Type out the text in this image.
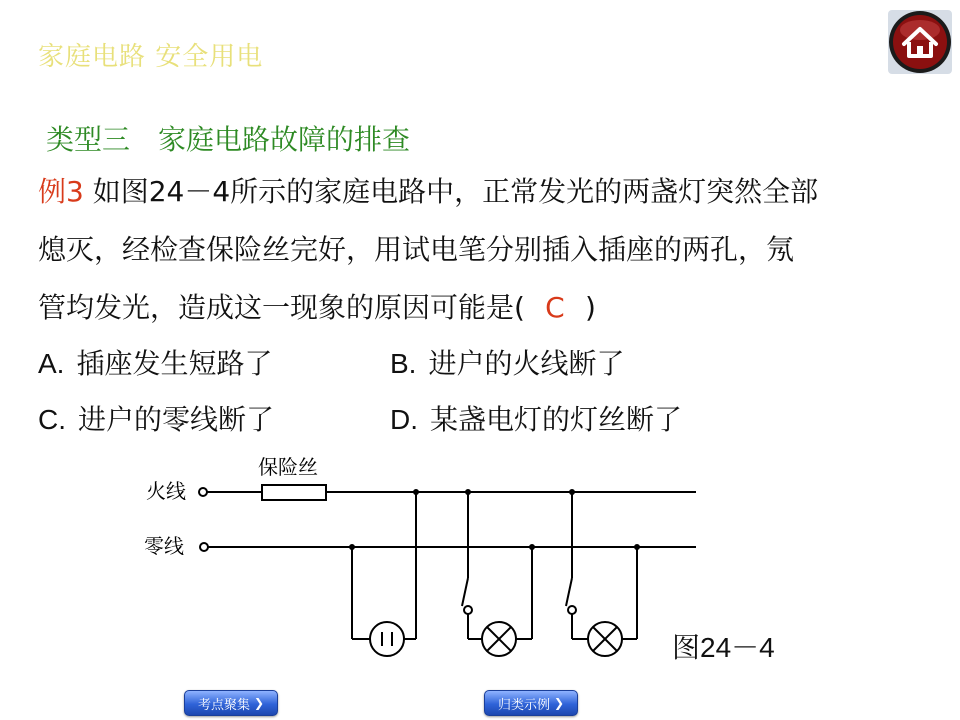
家庭电路 安全用电
类型三　家庭电路故障的排查
例3 如图24－4所示的家庭电路中，正常发光的两盏灯突然全部
熄灭，经检查保险丝完好，用试电笔分别插入插座的两孔，氖
管均发光，造成这一现象的原因可能是( C )
A. 插座发生短路了	B. 进户的火线断了
C. 进户的零线断了	D. 某盏电灯的灯丝断了
保险丝
火线
零线
图24－4
考点聚集 ❯	归类示例 ❯
